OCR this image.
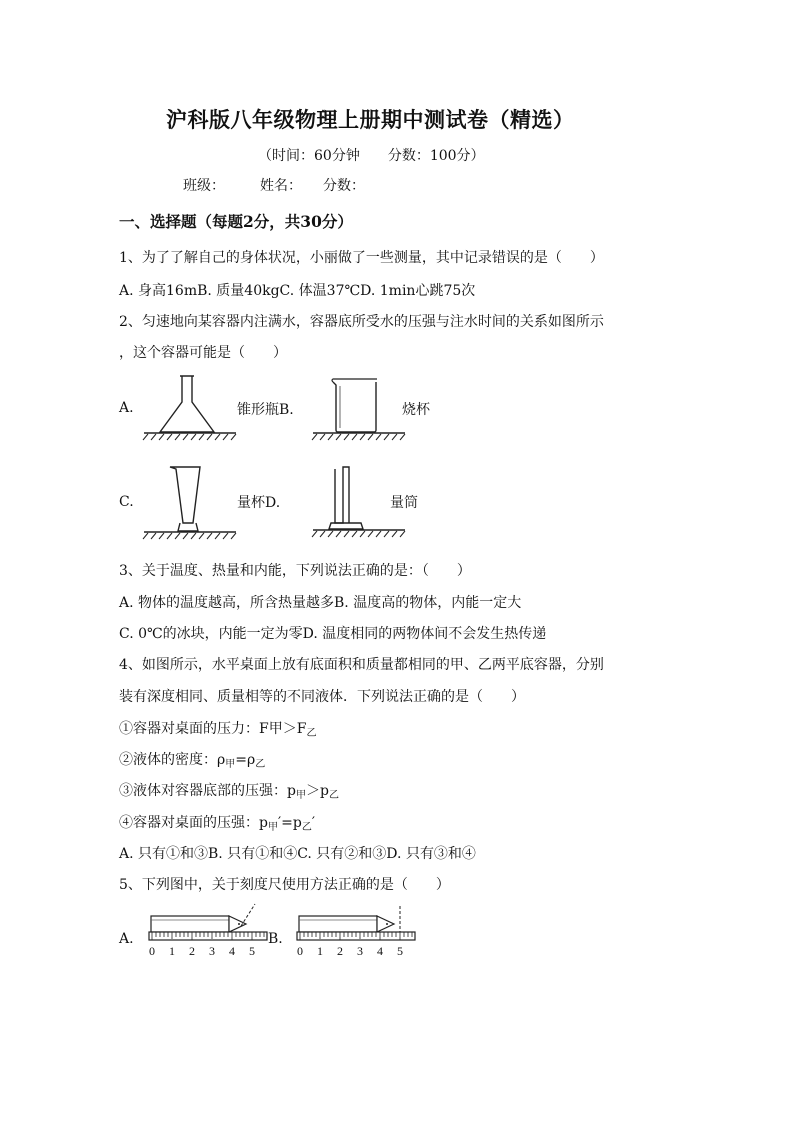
沪科版八年级物理上册期中测试卷（精选）
（时间：60分钟　　分数：100分）
班级：　　　姓名：　　分数：
一、选择题（每题2分，共30分）
1、为了了解自己的身体状况，小丽做了一些测量，其中记录错误的是（　　）
A. 身高16mB. 质量40kgC. 体温37℃D. 1min心跳75次
2、匀速地向某容器内注满水，容器底所受水的压强与注水时间的关系如图所示
，这个容器可能是（　　）
A.	锥形瓶B.	烧杯
C.	量杯D.	量筒
3、关于温度、热量和内能，下列说法正确的是：（　　）
A. 物体的温度越高，所含热量越多B. 温度高的物体，内能一定大
C. 0℃的冰块，内能一定为零D. 温度相同的两物体间不会发生热传递
4、如图所示，水平桌面上放有底面积和质量都相同的甲、乙两平底容器，分别
装有深度相同、质量相等的不同液体．下列说法正确的是（　　）
①容器对桌面的压力：F甲$>F_乙$
②液体的密度：$\rho_甲=\rho_乙$
③液体对容器底部的压强：$p_甲>p_乙$
④容器对桌面的压强：$p_甲'=p_乙'$
A. 只有①和③B. 只有①和④C. 只有②和③D. 只有③和④
5、下列图中，关于刻度尺使用方法正确的是（　　）
A.	B.
0 1 2 3 4 5	0 1 2 3 4 5
